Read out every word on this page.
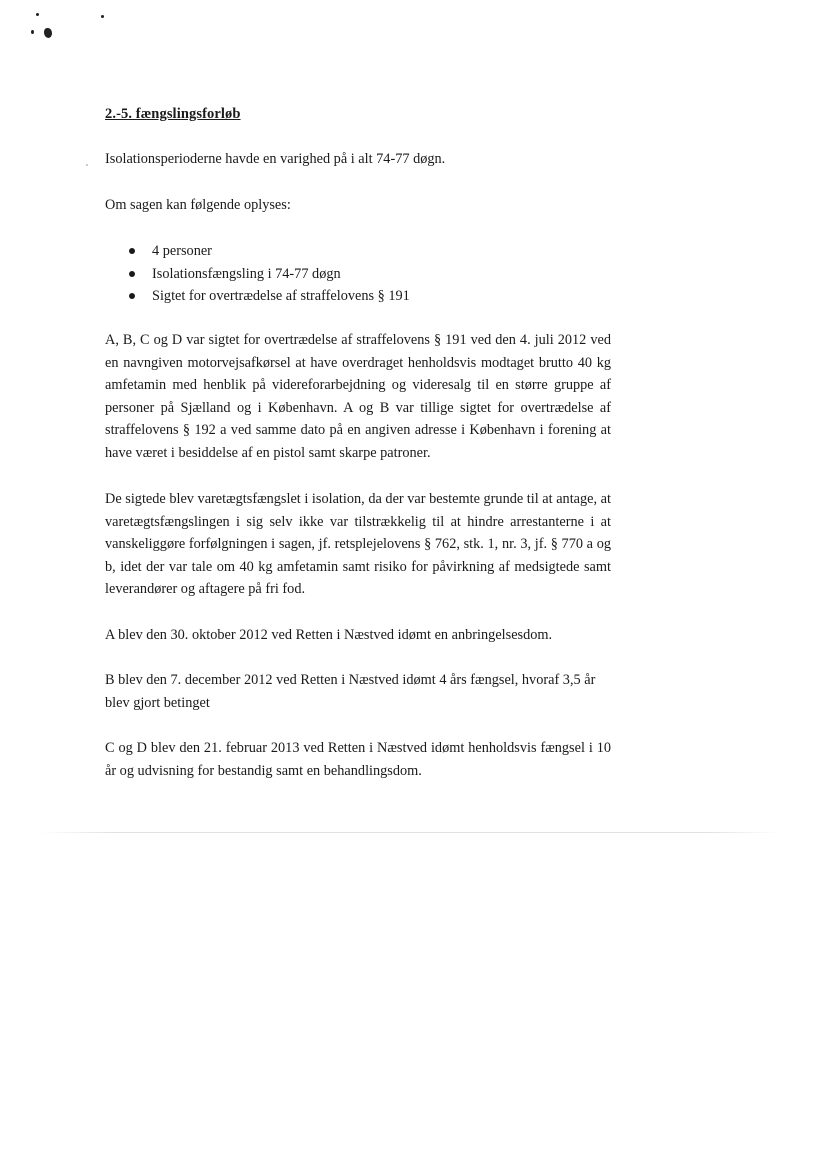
2.-5. fængslingsforløb

Isolationsperioderne havde en varighed på i alt 74-77 døgn.

Om sagen kan følgende oplyses:

4 personer
Isolationsfængsling i 74-77 døgn
Sigtet for overtrædelse af straffelovens § 191

A, B, C og D var sigtet for overtrædelse af straffelovens § 191 ved den 4. juli 2012 ved en navngiven motorvejsafkørsel at have overdraget henholdsvis modtaget brutto 40 kg amfetamin med henblik på videreforarbejdning og videresalg til en større gruppe af personer på Sjælland og i København. A og B var tillige sigtet for overtrædelse af straffelovens § 192 a ved samme dato på en angiven adresse i København i forening at have været i besiddelse af en pistol samt skarpe patroner.

De sigtede blev varetægtsfængslet i isolation, da der var bestemte grunde til at antage, at varetægtsfængslingen i sig selv ikke var tilstrækkelig til at hindre arrestanterne i at vanskeliggøre forfølgningen i sagen, jf. retsplejelovens § 762, stk. 1, nr. 3, jf. § 770 a og b, idet der var tale om 40 kg amfetamin samt risiko for påvirkning af medsigtede samt leverandører og aftagere på fri fod.

A blev den 30. oktober 2012 ved Retten i Næstved idømt en anbringelsesdom.

B blev den 7. december 2012 ved Retten i Næstved idømt 4 års fængsel, hvoraf 3,5 år blev gjort betinget

C og D blev den 21. februar 2013 ved Retten i Næstved idømt henholdsvis fængsel i 10 år og udvisning for bestandig samt en behandlingsdom.
